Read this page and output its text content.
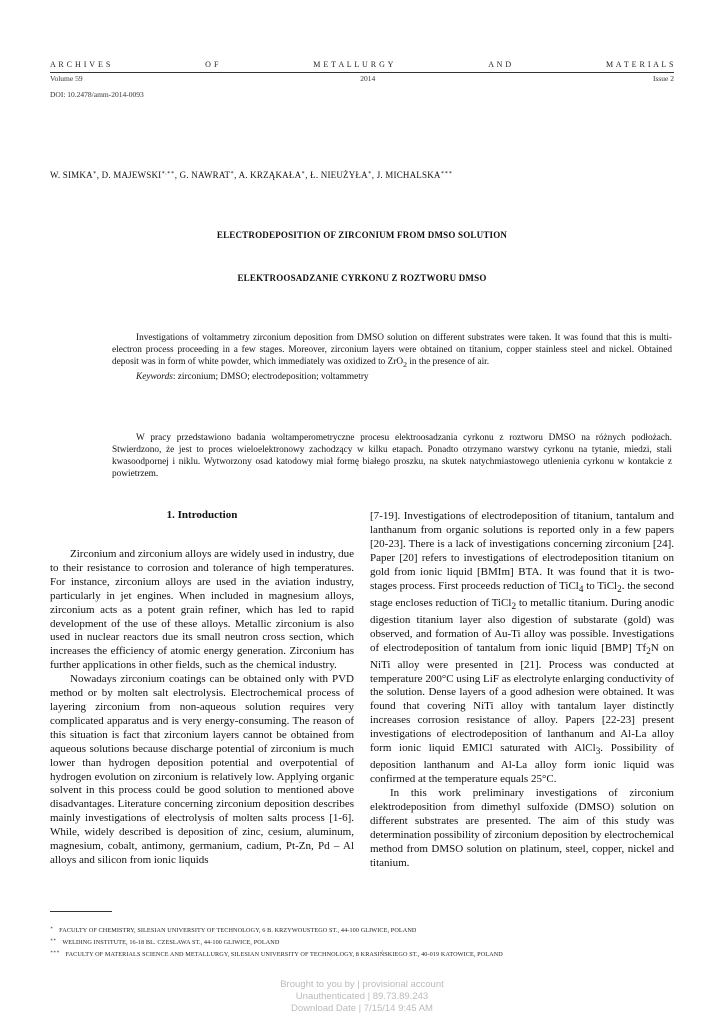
A R C H I V E S	O F	M E T A L L U R G Y	A N D	M A T E R I A L S
Volume 59	2014	Issue 2
DOI: 10.2478/amm-2014-0093
W. SIMKA∗, D. MAJEWSKI∗,∗∗, G. NAWRAT∗, A. KRZĄKAŁA∗, Ł. NIEUŻYŁA∗, J. MICHALSKA∗∗∗
ELECTRODEPOSITION OF ZIRCONIUM FROM DMSO SOLUTION
ELEKTROOSADZANIE CYRKONU Z ROZTWORU DMSO

Investigations of voltammetry zirconium deposition from DMSO solution on different substrates were taken. It was found that this is multi-electron process proceeding in a few stages. Moreover, zirconium layers were obtained on titanium, copper stainless steel and nickel. Obtained deposit was in form of white powder, which immediately was oxidized to ZrO$_2$ in the presence of air.

Keywords: zirconium; DMSO; electrodeposition; voltammetry

W pracy przedstawiono badania woltamperometryczne procesu elektroosadzania cyrkonu z roztworu DMSO na różnych podłożach. Stwierdzono, że jest to proces wieloelektronowy zachodzący w kilku etapach. Ponadto otrzymano warstwy cyrkonu na tytanie, miedzi, stali kwasoodpornej i niklu. Wytworzony osad katodowy miał formę białego proszku, na skutek natychmiastowego utlenienia cyrkonu w kontakcie z powietrzem.

1. Introduction

Zirconium and zirconium alloys are widely used in industry, due to their resistance to corrosion and tolerance of high temperatures. For instance, zirconium alloys are used in the aviation industry, particularly in jet engines. When included in magnesium alloys, zirconium acts as a potent grain refiner, which has led to rapid development of the use of these alloys. Metallic zirconium is also used in nuclear reactors due its small neutron cross section, which increases the efficiency of atomic energy generation. Zirconium has further applications in other fields, such as the chemical industry.

Nowadays zirconium coatings can be obtained only with PVD method or by molten salt electrolysis. Electrochemical process of layering zirconium from non-aqueous solution requires very complicated apparatus and is very energy-consuming. The reason of this situation is fact that zirconium layers cannot be obtained from aqueous solutions because discharge potential of zirconium is much lower than hydrogen deposition potential and overpotential of hydrogen evolution on zirconium is relatively low. Applying organic solvent in this process could be good solution to mentioned above disadvantages. Literature concerning zirconium deposition describes mainly investigations of electrolysis of molten salts process [1-6]. While, widely described is deposition of zinc, cesium, aluminum, magnesium, cobalt, antimony, germanium, cadium, Pt-Zn, Pd – Al alloys and silicon from ionic liquids

[7-19]. Investigations of electrodeposition of titanium, tantalum and lanthanum from organic solutions is reported only in a few papers [20-23]. There is a lack of investigations concerning zirconium [24]. Paper [20] refers to investigations of electrodeposition titanium on gold from ionic liquid [BMIm] BTA. It was found that it is two-stages process. First proceeds reduction of TiCl$_4$ to TiCl$_2$. the second stage encloses reduction of TiCl$_2$ to metallic titanium. During anodic digestion titanium layer also digestion of substarate (gold) was observed, and formation of Au-Ti alloy was possible. Investigations of electrodeposition of tantalum from ionic liquid [BMP] $Tf_2N$ on NiTi alloy were presented in [21]. Process was conducted at temperature 200°C using LiF as electrolyte enlarging conductivity of the solution. Dense layers of a good adhesion were obtained. It was found that covering NiTi alloy with tantalum layer distinctly increases corrosion resistance of alloy. Papers [22-23] present investigations of electrodeposition of lanthanum and Al-La alloy form ionic liquid EMICl saturated with AlCl$_3$. Possibility of deposition lanthanum and Al-La alloy form ionic liquid was confirmed at the temperature equals 25°C.

In this work preliminary investigations of zirconium elektrodeposition from dimethyl sulfoxide (DMSO) solution on different substrates are presented. The aim of this study was determination possibility of zirconium deposition by electrochemical method from DMSO solution on platinum, steel, copper, nickel and titanium.

∗ FACULTY OF CHEMISTRY, SILESIAN UNIVERSITY OF TECHNOLOGY, 6 B. KRZYWOUSTEGO ST., 44-100 GLIWICE, POLAND
∗∗ WELDING INSTITUTE, 16-18 BL. CZESLAWA ST., 44-100 GLIWICE, POLAND
∗∗∗ FACULTY OF MATERIALS SCIENCE AND METALLURGY, SILESIAN UNIVERSITY OF TECHNOLOGY, 8 KRASIŃSKIEGO ST., 40-019 KATOWICE, POLAND
Brought to you by | provisional account
Unauthenticated | 89.73.89.243
Download Date | 7/15/14 9:45 AM
